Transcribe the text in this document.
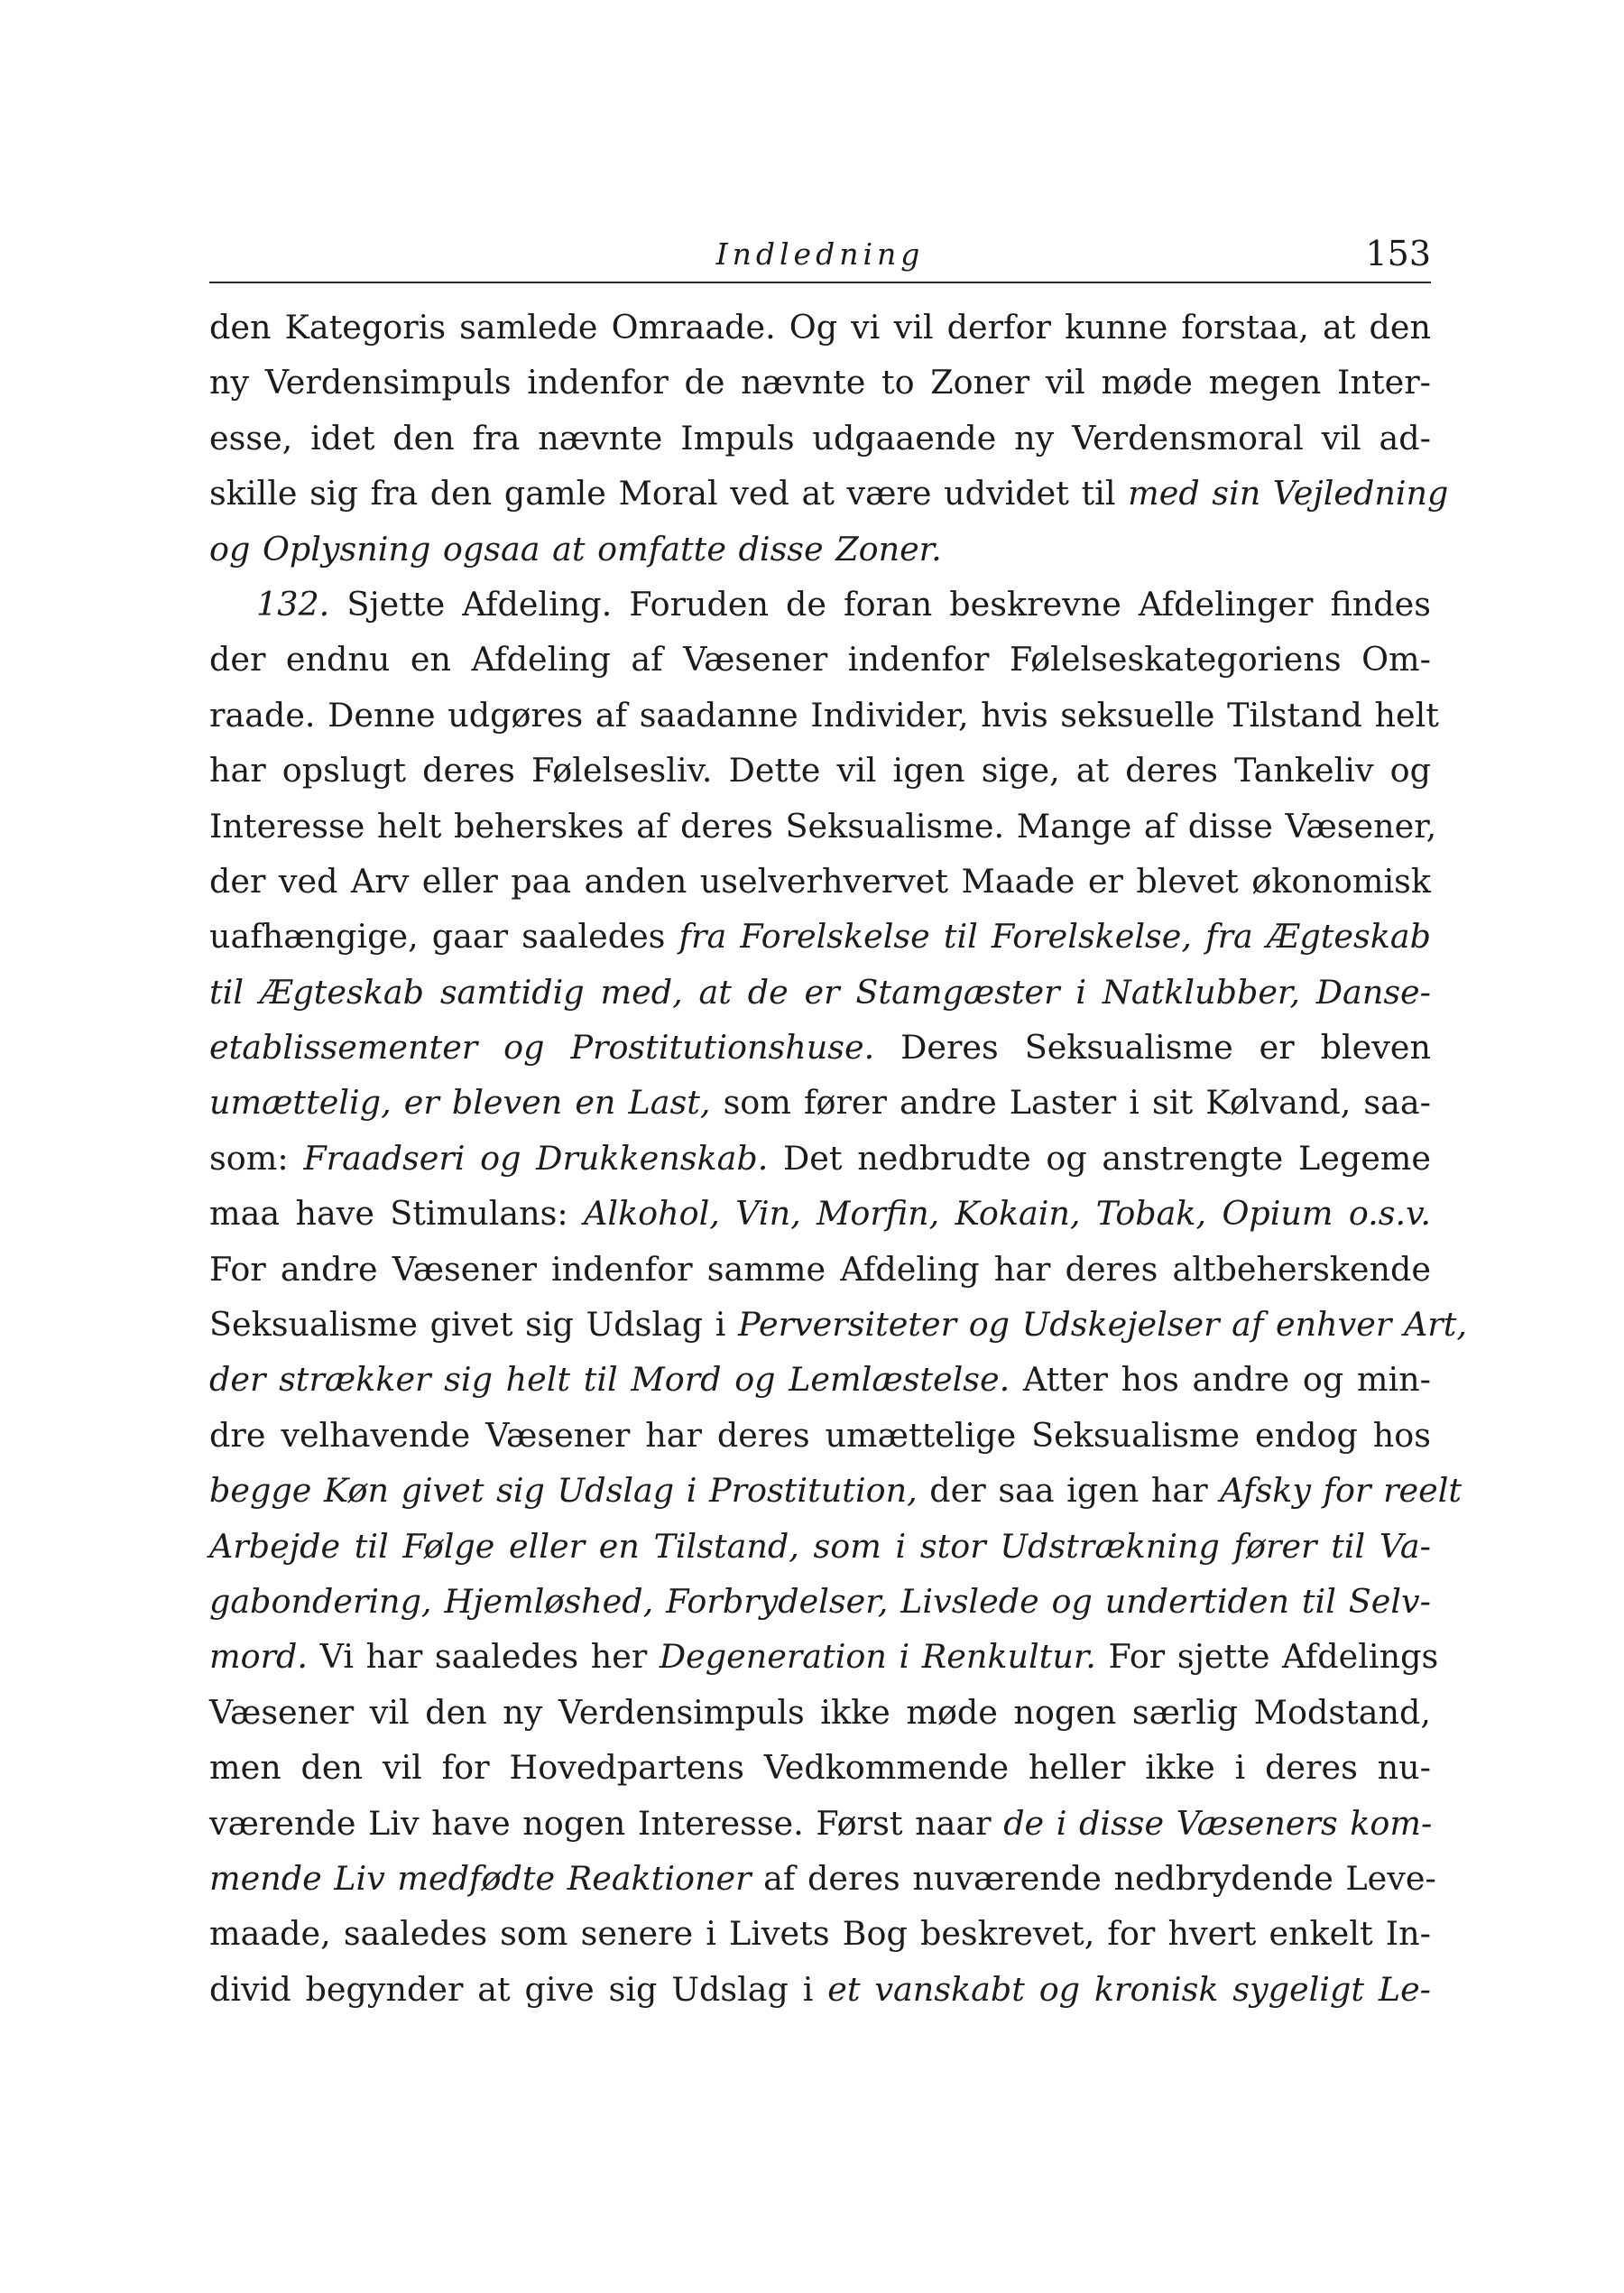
Indledning	153
den Kategoris samlede Omraade. Og vi vil derfor kunne forstaa, at den
ny Verdensimpuls indenfor de nævnte to Zoner vil møde megen Inter-
esse, idet den fra nævnte Impuls udgaaende ny Verdensmoral vil ad-
skille sig fra den gamle Moral ved at være udvidet til med sin Vejledning
og Oplysning ogsaa at omfatte disse Zoner.
132. Sjette Afdeling. Foruden de foran beskrevne Afdelinger findes
der endnu en Afdeling af Væsener indenfor Følelseskategoriens Om-
raade. Denne udgøres af saadanne Individer, hvis seksuelle Tilstand helt
har opslugt deres Følelsesliv. Dette vil igen sige, at deres Tankeliv og
Interesse helt beherskes af deres Seksualisme. Mange af disse Væsener,
der ved Arv eller paa anden uselverhvervet Maade er blevet økonomisk
uafhængige, gaar saaledes fra Forelskelse til Forelskelse, fra Ægteskab
til Ægteskab samtidig med, at de er Stamgæster i Natklubber, Danse-
etablissementer og Prostitutionshuse. Deres Seksualisme er bleven
umættelig, er bleven en Last, som fører andre Laster i sit Kølvand, saa-
som: Fraadseri og Drukkenskab. Det nedbrudte og anstrengte Legeme
maa have Stimulans: Alkohol, Vin, Morfin, Kokain, Tobak, Opium o.s.v.
For andre Væsener indenfor samme Afdeling har deres altbeherskende
Seksualisme givet sig Udslag i Perversiteter og Udskejelser af enhver Art,
der strækker sig helt til Mord og Lemlæstelse. Atter hos andre og min-
dre velhavende Væsener har deres umættelige Seksualisme endog hos
begge Køn givet sig Udslag i Prostitution, der saa igen har Afsky for reelt
Arbejde til Følge eller en Tilstand, som i stor Udstrækning fører til Va-
gabondering, Hjemløshed, Forbrydelser, Livslede og undertiden til Selv-
mord. Vi har saaledes her Degeneration i Renkultur. For sjette Afdelings
Væsener vil den ny Verdensimpuls ikke møde nogen særlig Modstand,
men den vil for Hovedpartens Vedkommende heller ikke i deres nu-
værende Liv have nogen Interesse. Først naar de i disse Væseners kom-
mende Liv medfødte Reaktioner af deres nuværende nedbrydende Leve-
maade, saaledes som senere i Livets Bog beskrevet, for hvert enkelt In-
divid begynder at give sig Udslag i et vanskabt og kronisk sygeligt Le-
